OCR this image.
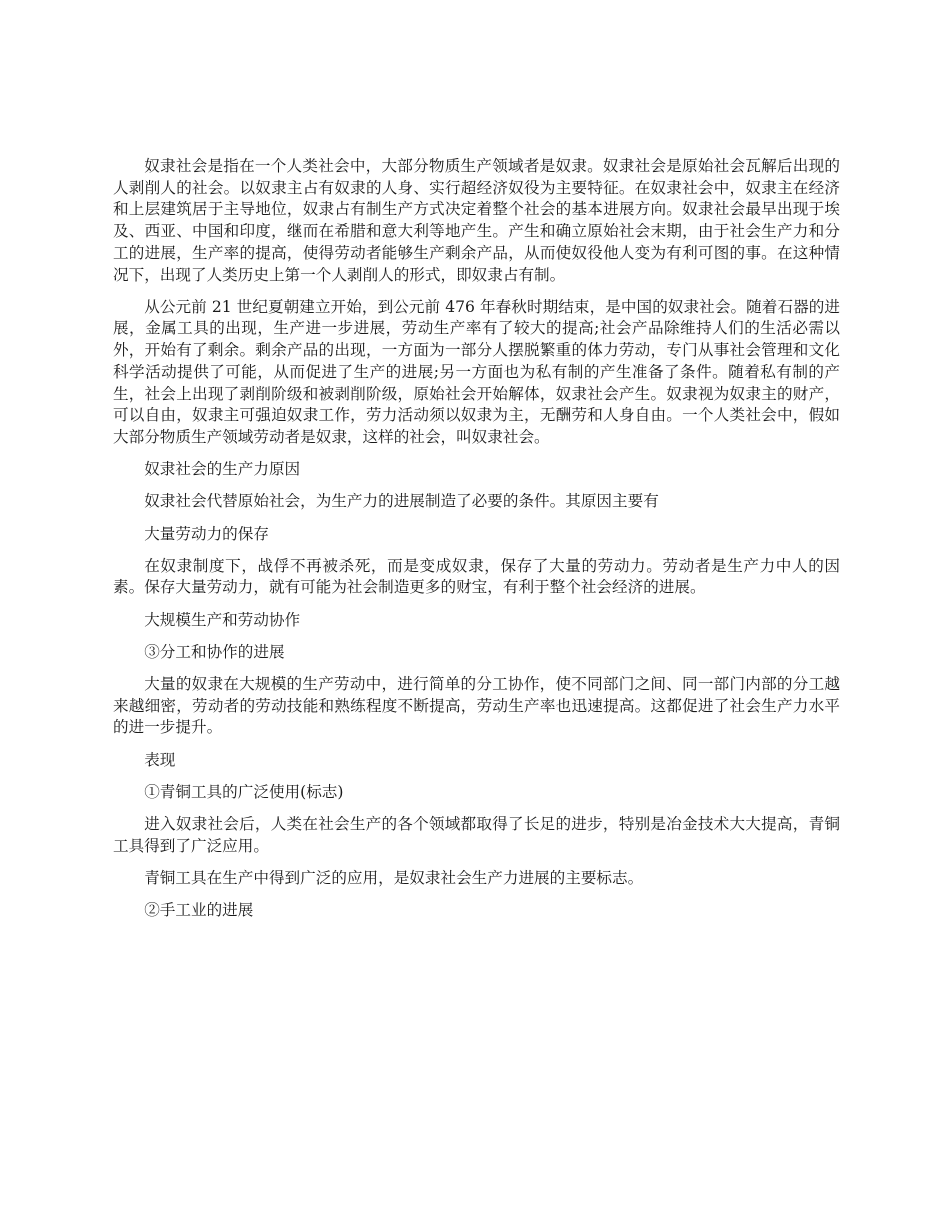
奴隶社会是指在一个人类社会中，大部分物质生产领域者是奴隶。奴隶社会是原始社会瓦解后出现的人剥削人的社会。以奴隶主占有奴隶的人身、实行超经济奴役为主要特征。在奴隶社会中，奴隶主在经济和上层建筑居于主导地位，奴隶占有制生产方式决定着整个社会的基本进展方向。奴隶社会最早出现于埃及、西亚、中国和印度，继而在希腊和意大利等地产生。产生和确立原始社会末期，由于社会生产力和分工的进展，生产率的提高，使得劳动者能够生产剩余产品，从而使奴役他人变为有利可图的事。在这种情况下，出现了人类历史上第一个人剥削人的形式，即奴隶占有制。

从公元前 21 世纪夏朝建立开始，到公元前 476 年春秋时期结束，是中国的奴隶社会。随着石器的进展，金属工具的出现，生产进一步进展，劳动生产率有了较大的提高;社会产品除维持人们的生活必需以外，开始有了剩余。剩余产品的出现，一方面为一部分人摆脱繁重的体力劳动，专门从事社会管理和文化科学活动提供了可能，从而促进了生产的进展;另一方面也为私有制的产生准备了条件。随着私有制的产生，社会上出现了剥削阶级和被剥削阶级，原始社会开始解体，奴隶社会产生。奴隶视为奴隶主的财产，可以自由，奴隶主可强迫奴隶工作，劳力活动须以奴隶为主，无酬劳和人身自由。一个人类社会中，假如大部分物质生产领域劳动者是奴隶，这样的社会，叫奴隶社会。

奴隶社会的生产力原因

奴隶社会代替原始社会，为生产力的进展制造了必要的条件。其原因主要有

大量劳动力的保存

在奴隶制度下，战俘不再被杀死，而是变成奴隶，保存了大量的劳动力。劳动者是生产力中人的因素。保存大量劳动力，就有可能为社会制造更多的财宝，有利于整个社会经济的进展。

大规模生产和劳动协作

③分工和协作的进展

大量的奴隶在大规模的生产劳动中，进行简单的分工协作，使不同部门之间、同一部门内部的分工越来越细密，劳动者的劳动技能和熟练程度不断提高，劳动生产率也迅速提高。这都促进了社会生产力水平的进一步提升。

表现

①青铜工具的广泛使用(标志)

进入奴隶社会后，人类在社会生产的各个领域都取得了长足的进步，特别是冶金技术大大提高，青铜工具得到了广泛应用。

青铜工具在生产中得到广泛的应用，是奴隶社会生产力进展的主要标志。

②手工业的进展
